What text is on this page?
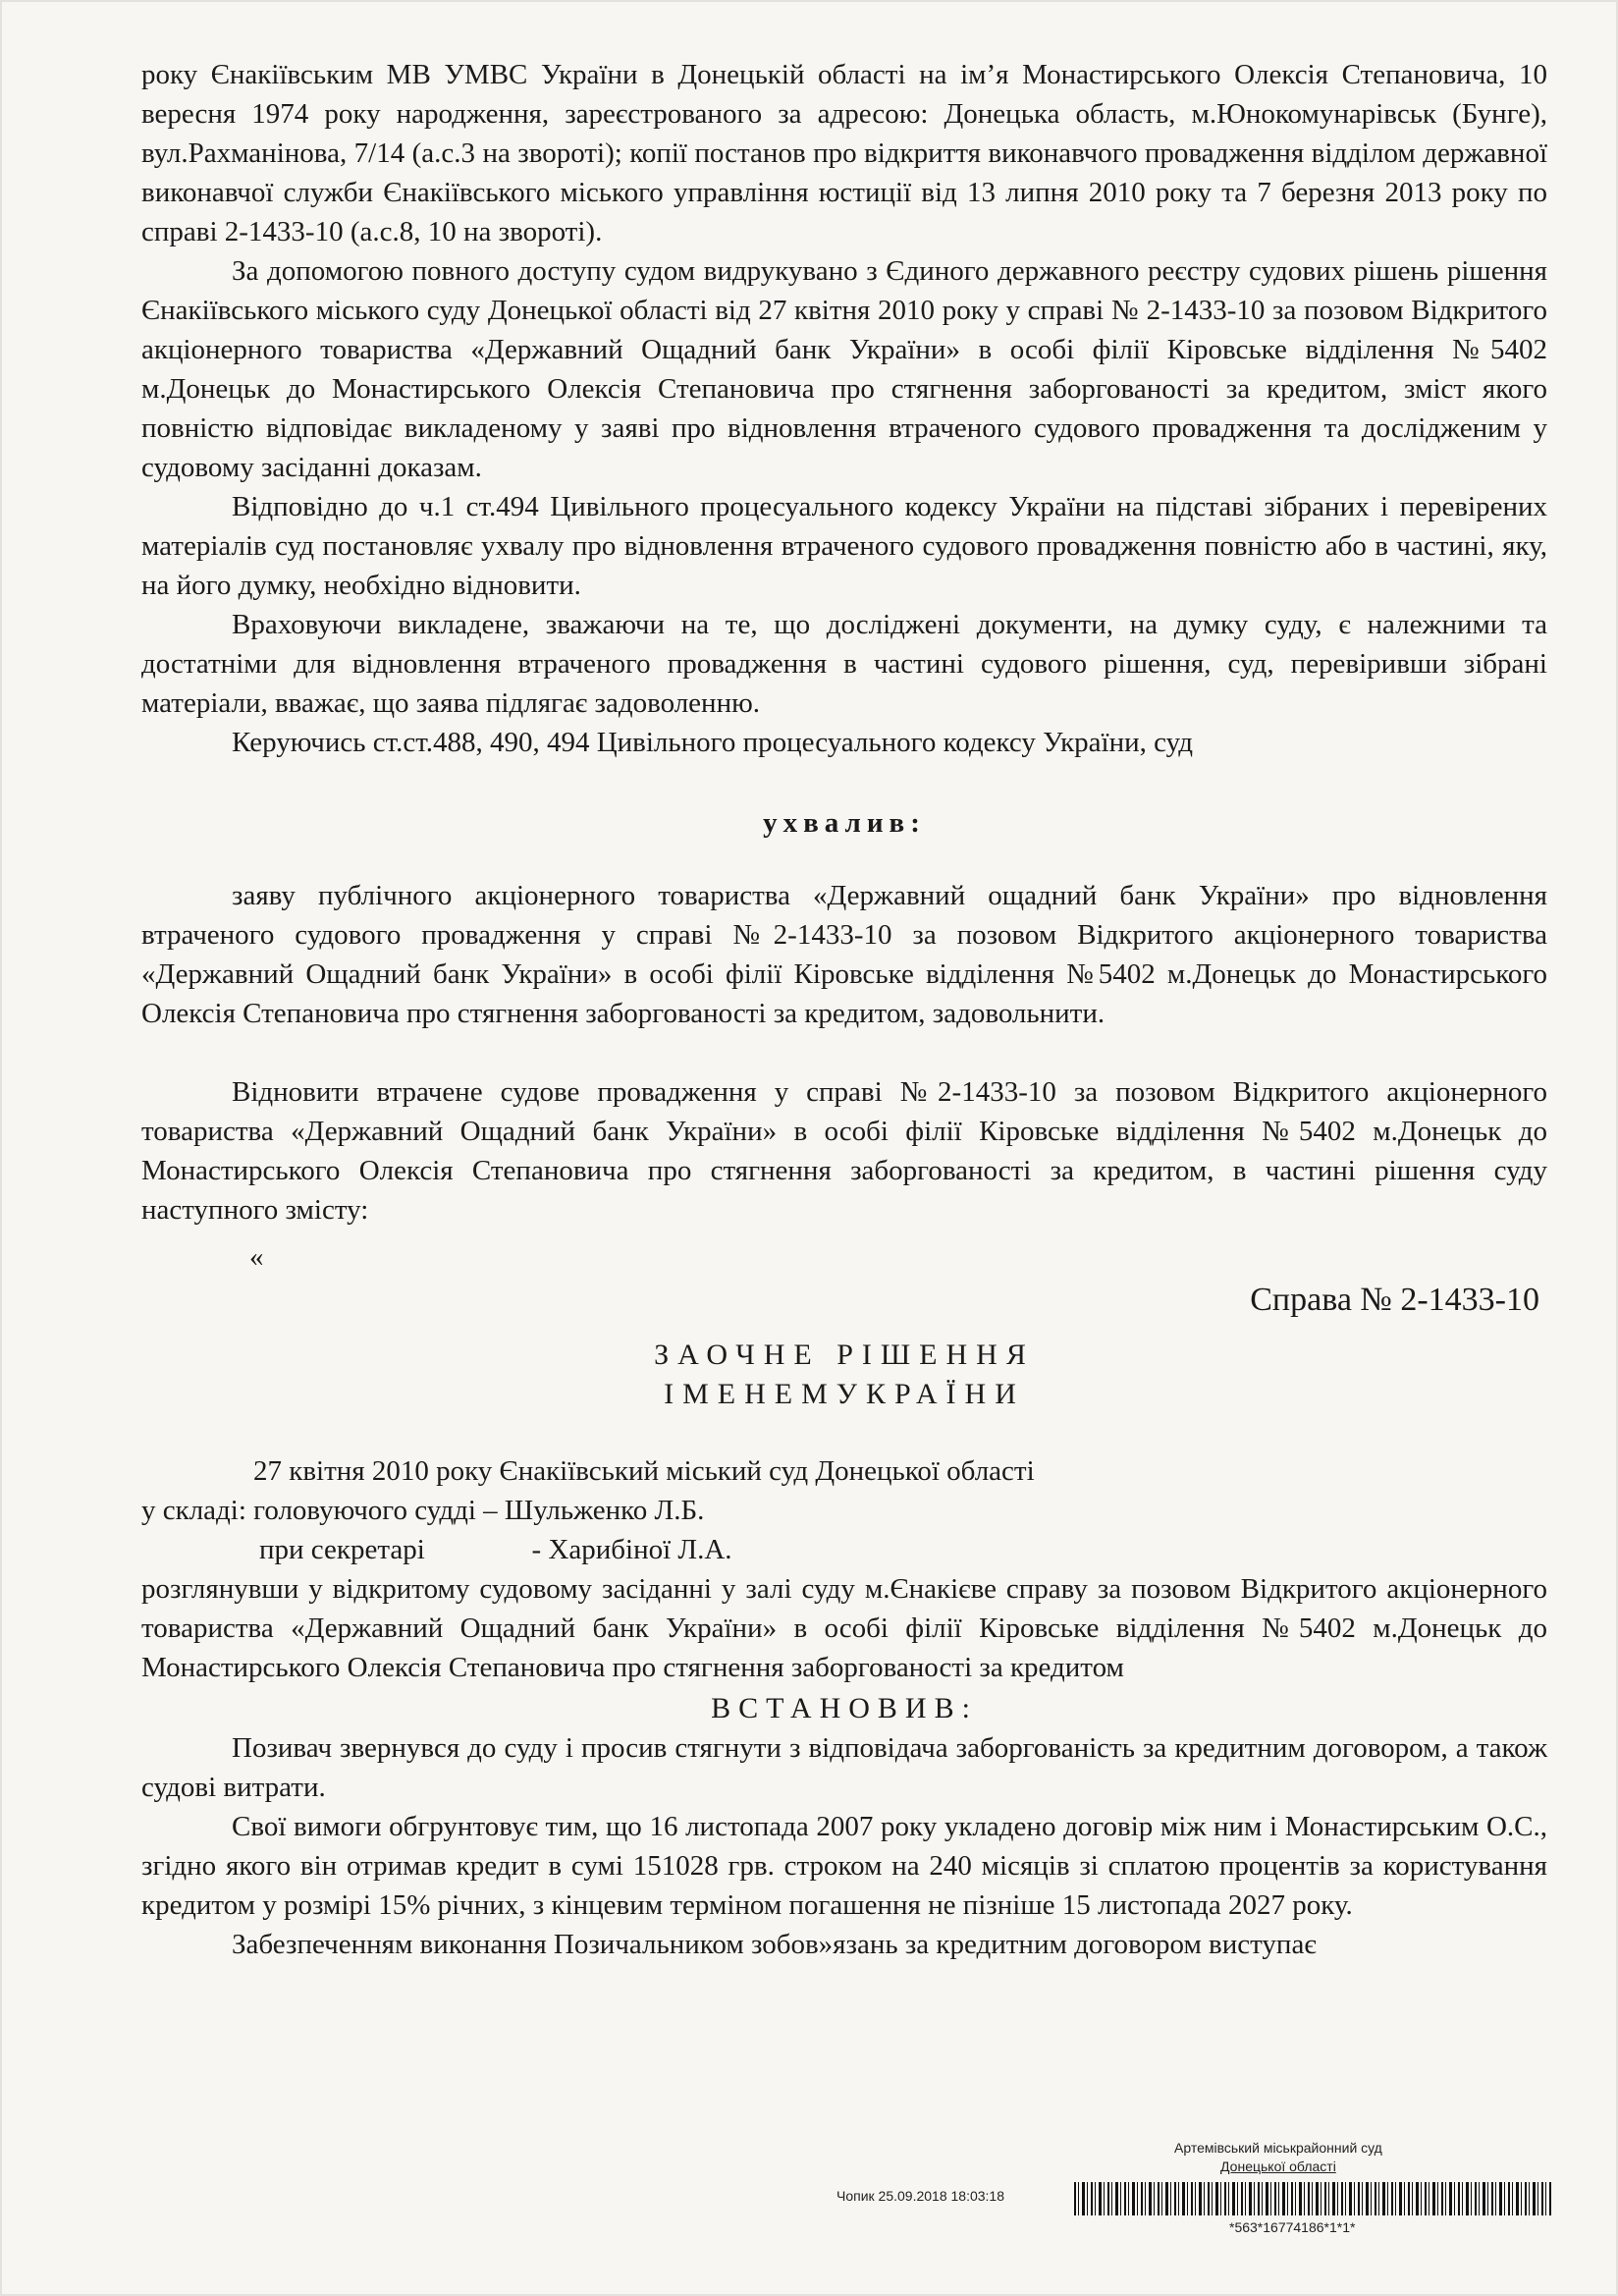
року Єнакіївським МВ УМВС України в Донецькій області на ім’я Монастирського Олексія Степановича, 10 вересня 1974 року народження, зареєстрованого за адресою: Донецька область, м.Юнокомунарівськ (Бунге), вул.Рахманінова, 7/14 (а.с.3 на звороті); копії постанов про відкриття виконавчого провадження відділом державної виконавчої служби Єнакіївського міського управління юстиції від 13 липня 2010 року та 7 березня 2013 року по справі 2-1433-10 (а.с.8, 10 на звороті).

За допомогою повного доступу судом видрукувано з Єдиного державного реєстру судових рішень рішення Єнакіївського міського суду Донецької області від 27 квітня 2010 року у справі № 2-1433-10 за позовом Відкритого акціонерного товариства «Державний Ощадний банк України» в особі філії Кіровське відділення №5402 м.Донецьк до Монастирського Олексія Степановича про стягнення заборгованості за кредитом, зміст якого повністю відповідає викладеному у заяві про відновлення втраченого судового провадження та дослідженим у судовому засіданні доказам.

Відповідно до ч.1 ст.494 Цивільного процесуального кодексу України на підставі зібраних і перевірених матеріалів суд постановляє ухвалу про відновлення втраченого судового провадження повністю або в частині, яку, на його думку, необхідно відновити.

Враховуючи викладене, зважаючи на те, що досліджені документи, на думку суду, є належними та достатніми для відновлення втраченого провадження в частині судового рішення, суд, перевіривши зібрані матеріали, вважає, що заява підлягає задоволенню.

Керуючись ст.ст.488, 490, 494 Цивільного процесуального кодексу України, суд

ухвалив:

заяву публічного акціонерного товариства «Державний ощадний банк України» про відновлення втраченого судового провадження у справі №2-1433-10 за позовом Відкритого акціонерного товариства «Державний Ощадний банк України» в особі філії Кіровське відділення №5402 м.Донецьк до Монастирського Олексія Степановича про стягнення заборгованості за кредитом, задовольнити.

Відновити втрачене судове провадження у справі №2-1433-10 за позовом Відкритого акціонерного товариства «Державний Ощадний банк України» в особі філії Кіровське відділення №5402 м.Донецьк до Монастирського Олексія Степановича про стягнення заборгованості за кредитом, в частині рішення суду наступного змісту:

«

Справа № 2-1433-10

ЗАОЧНЕ РІШЕННЯ

ІМЕНЕМУКРАЇНИ

27 квітня 2010 року Єнакіївський міський суд Донецької області

у складі: головуючого судді – Шульженко Л.Б.

при секретарі               - Харибіної Л.А.

розглянувши у відкритому судовому засіданні у залі суду м.Єнакієве справу за позовом Відкритого акціонерного товариства «Державний Ощадний банк України» в особі філії Кіровське відділення №5402 м.Донецьк до Монастирського Олексія Степановича про стягнення заборгованості за кредитом

ВСТАНОВИВ:

Позивач звернувся до суду і просив стягнути з відповідача заборгованість за кредитним договором, а також судові витрати.

Свої вимоги обгрунтовує тим, що 16 листопада 2007 року укладено договір між ним і Монастирським О.С., згідно якого він отримав кредит в сумі 151028 грв. строком на 240 місяців зі сплатою процентів за користування кредитом у розмірі 15% річних, з кінцевим терміном погашення не пізніше 15 листопада 2027 року.

Забезпеченням виконання Позичальником зобов»язань за кредитним договором виступає

Артемівський міськрайонний суд
Донецької області
Чопик 25.09.2018 18:03:18
*563*16774186*1*1*
